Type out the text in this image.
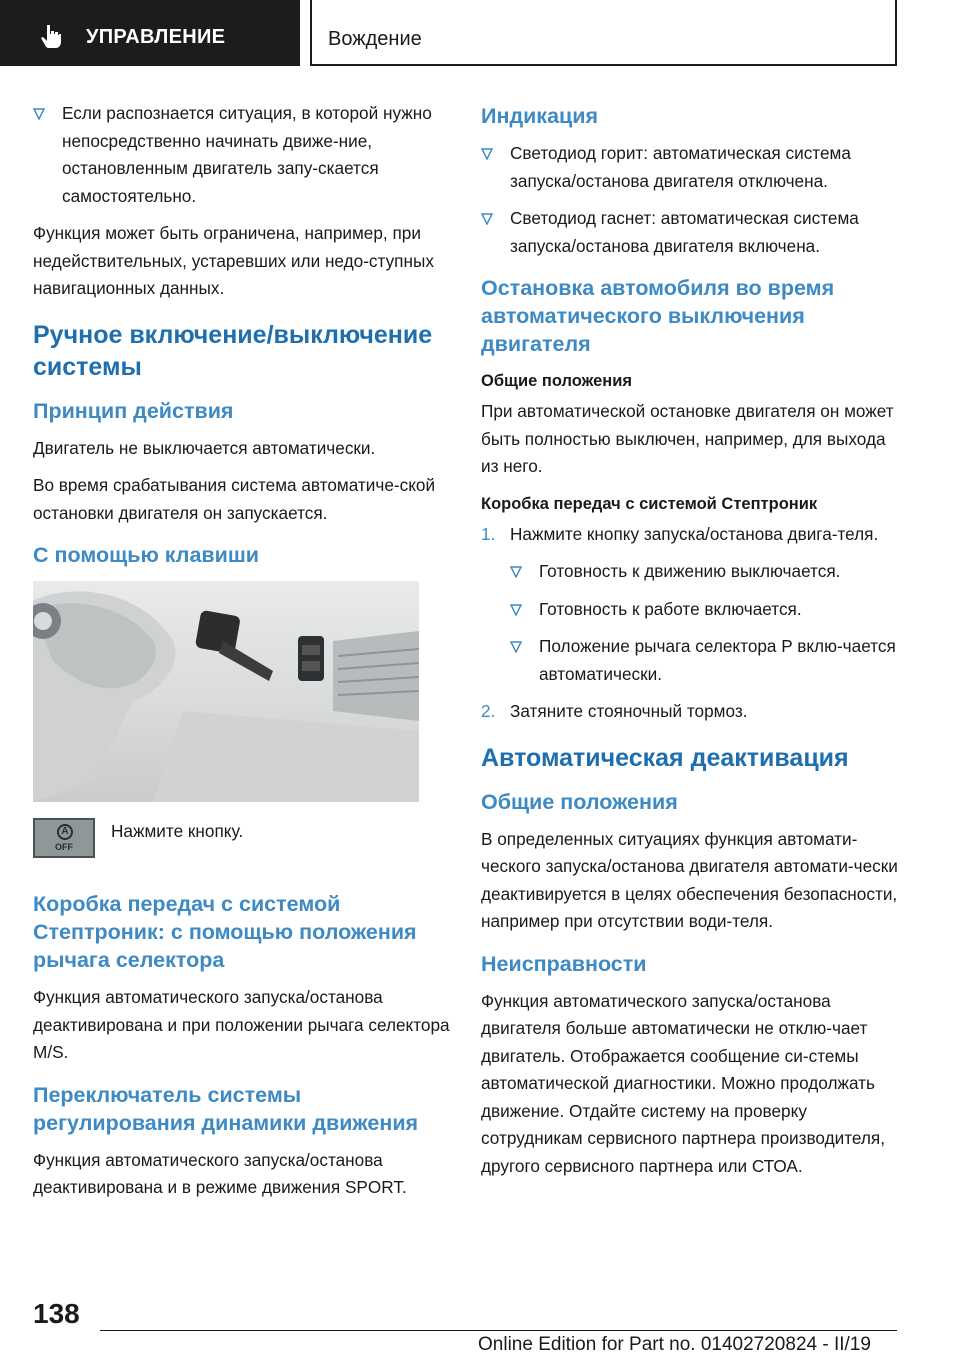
УПРАВЛЕНИЕ	Вождение
Если распознается ситуация, в которой нужно непосредственно начинать движе-ние, остановленным двигатель запу-скается самостоятельно.

Функция может быть ограничена, например, при недействительных, устаревших или недо-ступных навигационных данных.

Ручное включение/выключение системы
Принцип действия

Двигатель не выключается автоматически.

Во время срабатывания система автоматиче-ской остановки двигателя он запускается.

С помощью клавиши
A
OFF
Нажмите кнопку.
Коробка передач с системой Стептроник: с помощью положения рычага селектора

Функция автоматического запуска/останова деактивирована и при положении рычага селектора M/S.

Переключатель системы регулирования динамики движения

Функция автоматического запуска/останова деактивирована и в режиме движения SPORT.

Индикация
Светодиод горит: автоматическая система запуска/останова двигателя отключена.
Светодиод гаснет: автоматическая система запуска/останова двигателя включена.
Остановка автомобиля во время автоматического выключения двигателя
Общие положения

При автоматической остановке двигателя он может быть полностью выключен, например, для выхода из него.

Коробка передач с системой Стептроник
1. Нажмите кнопку запуска/останова двига-теля.
Готовность к движению выключается.
Готовность к работе включается.
Положение рычага селектора P вклю-чается автоматически.
2. Затяните стояночный тормоз.
Автоматическая деактивация
Общие положения

В определенных ситуациях функция автомати-ческого запуска/останова двигателя автомати-чески деактивируется в целях обеспечения безопасности, например при отсутствии води-теля.

Неисправности

Функция автоматического запуска/останова двигателя больше автоматически не отклю-чает двигатель. Отображается сообщение си-стемы автоматической диагностики. Можно продолжать движение. Отдайте систему на проверку сотрудникам сервисного партнера производителя, другого сервисного партнера или СТОА.

138
Online Edition for Part no. 01402720824 - II/19
